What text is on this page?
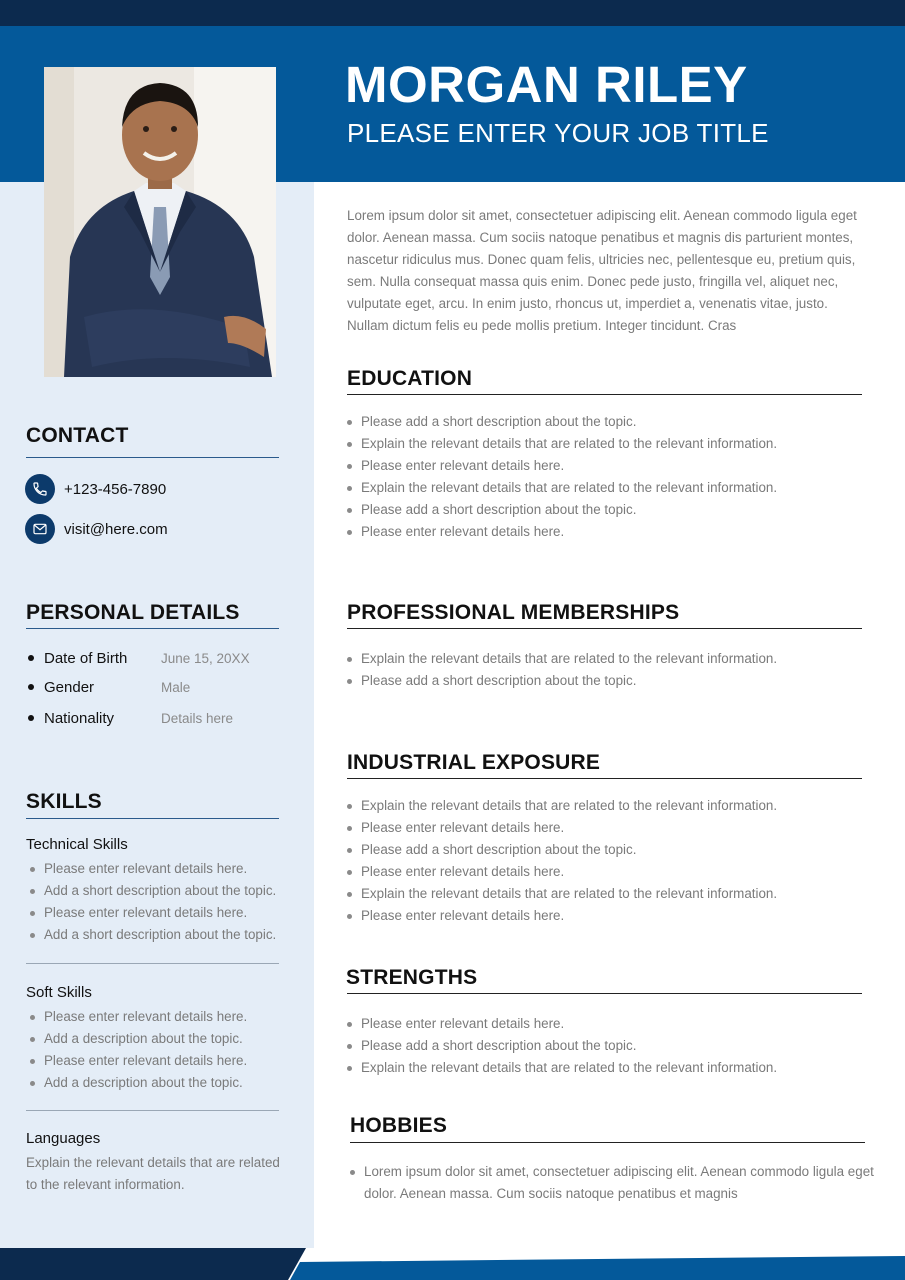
MORGAN RILEY
PLEASE ENTER YOUR JOB TITLE
Lorem ipsum dolor sit amet, consectetuer adipiscing elit. Aenean commodo ligula eget dolor. Aenean massa. Cum sociis natoque penatibus et magnis dis parturient montes, nascetur ridiculus mus. Donec quam felis, ultricies nec, pellentesque eu, pretium quis, sem. Nulla consequat massa quis enim. Donec pede justo, fringilla vel, aliquet nec, vulputate eget, arcu. In enim justo, rhoncus ut, imperdiet a, venenatis vitae, justo. Nullam dictum felis eu pede mollis pretium. Integer tincidunt. Cras
CONTACT
+123-456-7890
visit@here.com
PERSONAL DETAILS
Date of Birth June 15, 20XX
Gender	Male
Nationality	Details here
SKILLS
Technical Skills
Please enter relevant details here.
Add a short description about the topic.
Please enter relevant details here.
Add a short description about the topic.
Soft Skills
Please enter relevant details here.
Add a description about the topic.
Please enter relevant details here.
Add a description about the topic.
Languages
Explain the relevant details that are related to the relevant information.
EDUCATION
Please add a short description about the topic.
Explain the relevant details that are related to the relevant information.
Please enter relevant details here.
Explain the relevant details that are related to the relevant information.
Please add a short description about the topic.
Please enter relevant details here.
PROFESSIONAL MEMBERSHIPS
Explain the relevant details that are related to the relevant information.
Please add a short description about the topic.
INDUSTRIAL EXPOSURE
Explain the relevant details that are related to the relevant information.
Please enter relevant details here.
Please add a short description about the topic.
Please enter relevant details here.
Explain the relevant details that are related to the relevant information.
Please enter relevant details here.
STRENGTHS
Please enter relevant details here.
Please add a short description about the topic.
Explain the relevant details that are related to the relevant information.
HOBBIES
Lorem ipsum dolor sit amet, consectetuer adipiscing elit. Aenean commodo ligula eget dolor. Aenean massa. Cum sociis natoque penatibus et magnis
